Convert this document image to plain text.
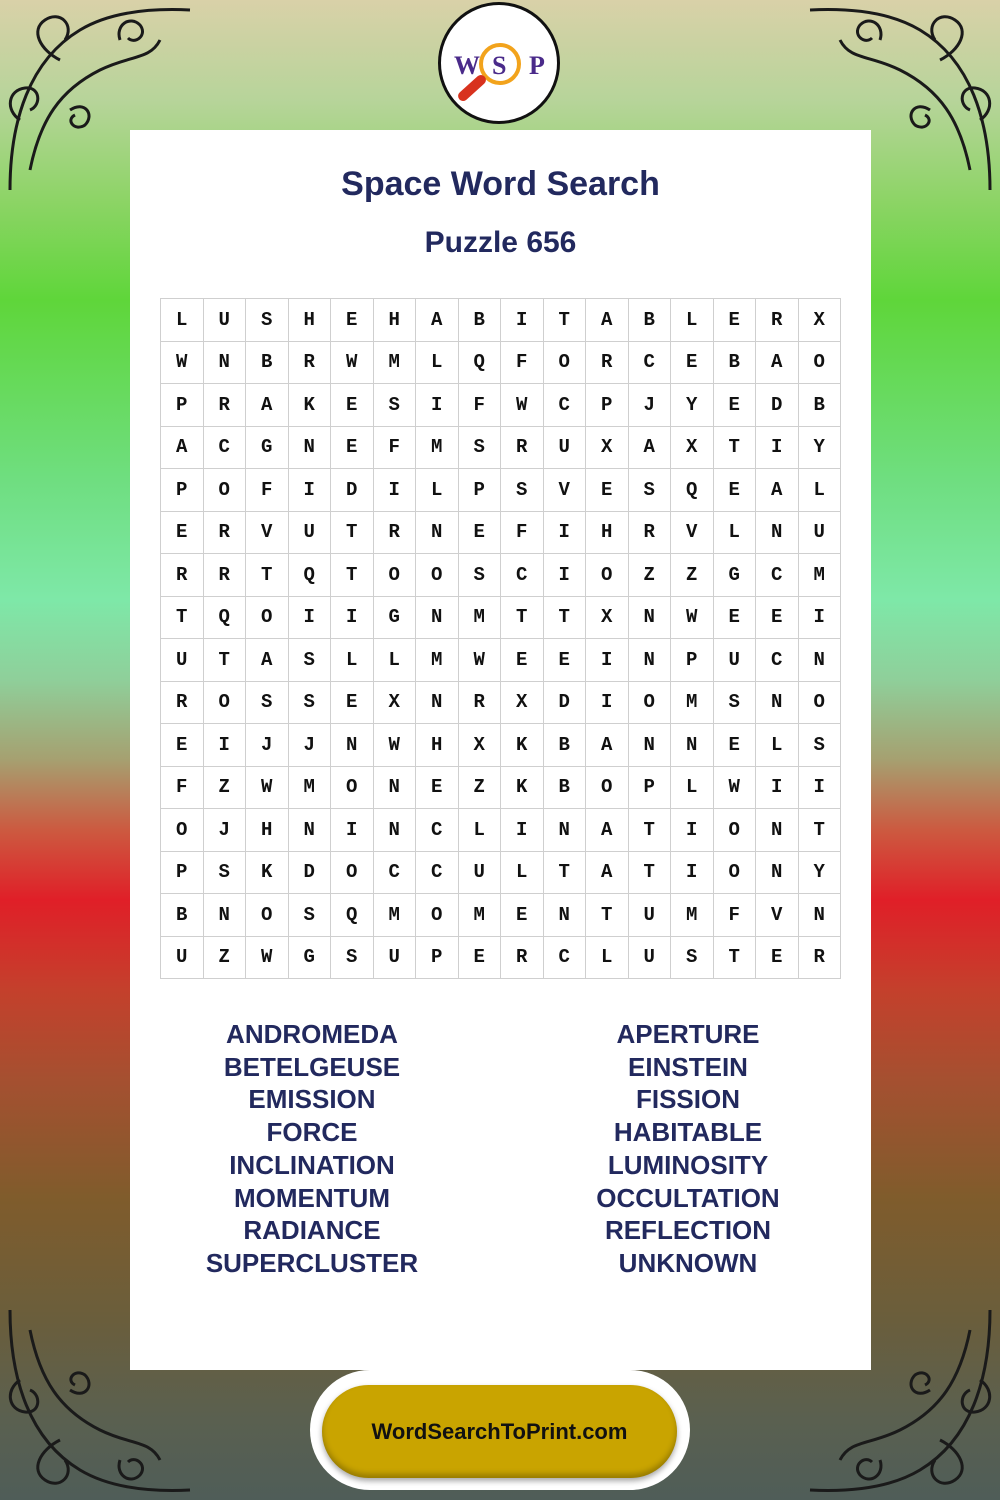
W S P
Space Word Search
Puzzle 656
L	U	S	H	E	H	A	B	I	T	A	B	L	E	R	X
W	N	B	R	W	M	L	Q	F	O	R	C	E	B	A	O
P	R	A	K	E	S	I	F	W	C	P	J	Y	E	D	B
A	C	G	N	E	F	M	S	R	U	X	A	X	T	I	Y
P	O	F	I	D	I	L	P	S	V	E	S	Q	E	A	L
E	R	V	U	T	R	N	E	F	I	H	R	V	L	N	U
R	R	T	Q	T	O	O	S	C	I	O	Z	Z	G	C	M
T	Q	O	I	I	G	N	M	T	T	X	N	W	E	E	I
U	T	A	S	L	L	M	W	E	E	I	N	P	U	C	N
R	O	S	S	E	X	N	R	X	D	I	O	M	S	N	O
E	I	J	J	N	W	H	X	K	B	A	N	N	E	L	S
F	Z	W	M	O	N	E	Z	K	B	O	P	L	W	I	I
O	J	H	N	I	N	C	L	I	N	A	T	I	O	N	T
P	S	K	D	O	C	C	U	L	T	A	T	I	O	N	Y
B	N	O	S	Q	M	O	M	E	N	T	U	M	F	V	N
U	Z	W	G	S	U	P	E	R	C	L	U	S	T	E	R
ANDROMEDA
BETELGEUSE
EMISSION
FORCE
INCLINATION
MOMENTUM
RADIANCE
SUPERCLUSTER
APERTURE
EINSTEIN
FISSION
HABITABLE
LUMINOSITY
OCCULTATION
REFLECTION
UNKNOWN
WordSearchToPrint.com
